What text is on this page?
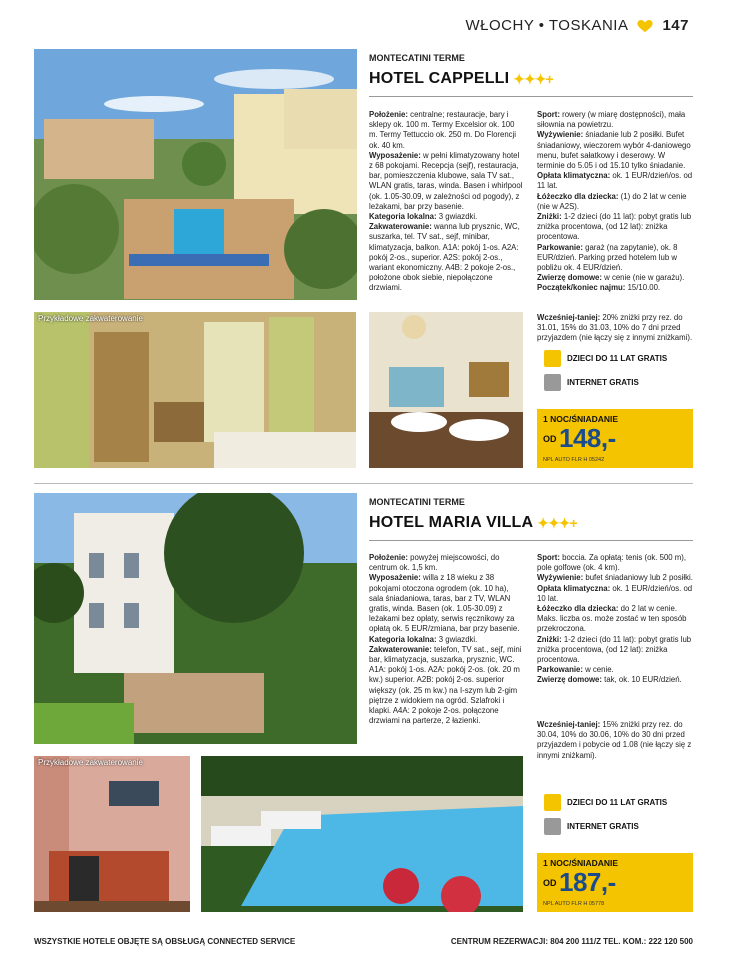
WŁOCHY • TOSKANIA 147
Przykładowe zakwaterowanie
MONTECATINI TERME
HOTEL CAPPELLI ✦✦✦+
Położenie: centralne; restauracje, bary i sklepy ok. 100 m. Termy Excelsior ok. 100 m. Termy Tettuccio ok. 250 m. Do Florencji ok. 40 km.
Wyposażenie: w pełni klimatyzowany hotel z 68 pokojami. Recepcja (sejf), restauracja, bar, pomieszczenia klubowe, sala TV sat., WLAN gratis, taras, winda. Basen i whirlpool (ok. 1.05-30.09, w zależności od pogody), z leżakami, bar przy basenie.
Kategoria lokalna: 3 gwiazdki.
Zakwaterowanie: wanna lub prysznic, WC, suszarka, tel. TV sat., sejf, minibar, klimatyzacja, balkon. A1A: pokój 1-os. A2A: pokój 2-os., superior. A2S: pokój 2-os., wariant ekonomiczny. A4B: 2 pokoje 2-os., położone obok siebie, niepołączone drzwiami.
Sport: rowery (w miarę dostępności), mała siłownia na powietrzu.
Wyżywienie: śniadanie lub 2 posiłki. Bufet śniadaniowy, wieczorem wybór 4-daniowego menu, bufet sałatkowy i deserowy. W terminie do 5.05 i od 15.10 tylko śniadanie.
Opłata klimatyczna: ok. 1 EUR/dzień/os. od 11 lat.
Łóżeczko dla dziecka: (1) do 2 lat w cenie (nie w A2S).
Zniżki: 1-2 dzieci (do 11 lat): pobyt gratis lub zniżka procentowa, (od 12 lat): zniżka procentowa.
Parkowanie: garaż (na zapytanie), ok. 8 EUR/dzień. Parking przed hotelem lub w pobliżu ok. 4 EUR/dzień.
Zwierzę domowe: w cenie (nie w garażu).
Początek/koniec najmu: 15/10.00.
Wcześniej-taniej: 20% zniżki przy rez. do 31.01, 15% do 31.03, 10% do 7 dni przed przyjazdem (nie łączy się z innymi zniżkami).
DZIECI DO 11 LAT GRATIS
INTERNET GRATIS
1 NOC/ŚNIADANIE
OD 148,-
NPL AUTO FLR H 05242
Przykładowe zakwaterowanie
MONTECATINI TERME
HOTEL MARIA VILLA ✦✦✦+
Położenie: powyżej miejscowości, do centrum ok. 1,5 km.
Wyposażenie: willa z 18 wieku z 38 pokojami otoczona ogrodem (ok. 10 ha), sala śniadaniowa, taras, bar z TV, WLAN gratis, winda. Basen (ok. 1.05-30.09) z leżakami bez opłaty, serwis ręcznikowy za opłatą ok. 5 EUR/zmiana, bar przy basenie.
Kategoria lokalna: 3 gwiazdki.
Zakwaterowanie: telefon, TV sat., sejf, mini bar, klimatyzacja, suszarka, prysznic, WC. A1A: pokój 1-os. A2A: pokój 2-os. (ok. 20 m kw.) superior. A2B: pokój 2-os. superior większy (ok. 25 m kw.) na I-szym lub 2-gim piętrze z widokiem na ogród. Szlafroki i klapki. A4A: 2 pokoje 2-os. połączone drzwiami na parterze, 2 łazienki.
Sport: boccia. Za opłatą: tenis (ok. 500 m), pole golfowe (ok. 4 km).
Wyżywienie: bufet śniadaniowy lub 2 posiłki.
Opłata klimatyczna: ok. 1 EUR/dzień/os. od 10 lat.
Łóżeczko dla dziecka: do 2 lat w cenie. Maks. liczba os. może zostać w ten sposób przekroczona.
Zniżki: 1-2 dzieci (do 11 lat): pobyt gratis lub zniżka procentowa, (od 12 lat): zniżka procentowa.
Parkowanie: w cenie.
Zwierzę domowe: tak, ok. 10 EUR/dzień.
Wcześniej-taniej: 15% zniżki przy rez. do 30.04, 10% do 30.06, 10% do 30 dni przed przyjazdem i pobycie od 1.08 (nie łączy się z innymi zniżkami).
DZIECI DO 11 LAT GRATIS
INTERNET GRATIS
1 NOC/ŚNIADANIE
OD 187,-
NPL AUTO FLR H 05778
WSZYSTKIE HOTELE OBJĘTE SĄ OBSŁUGĄ CONNECTED SERVICE	CENTRUM REZERWACJI: 804 200 111/Z TEL. KOM.: 222 120 500
